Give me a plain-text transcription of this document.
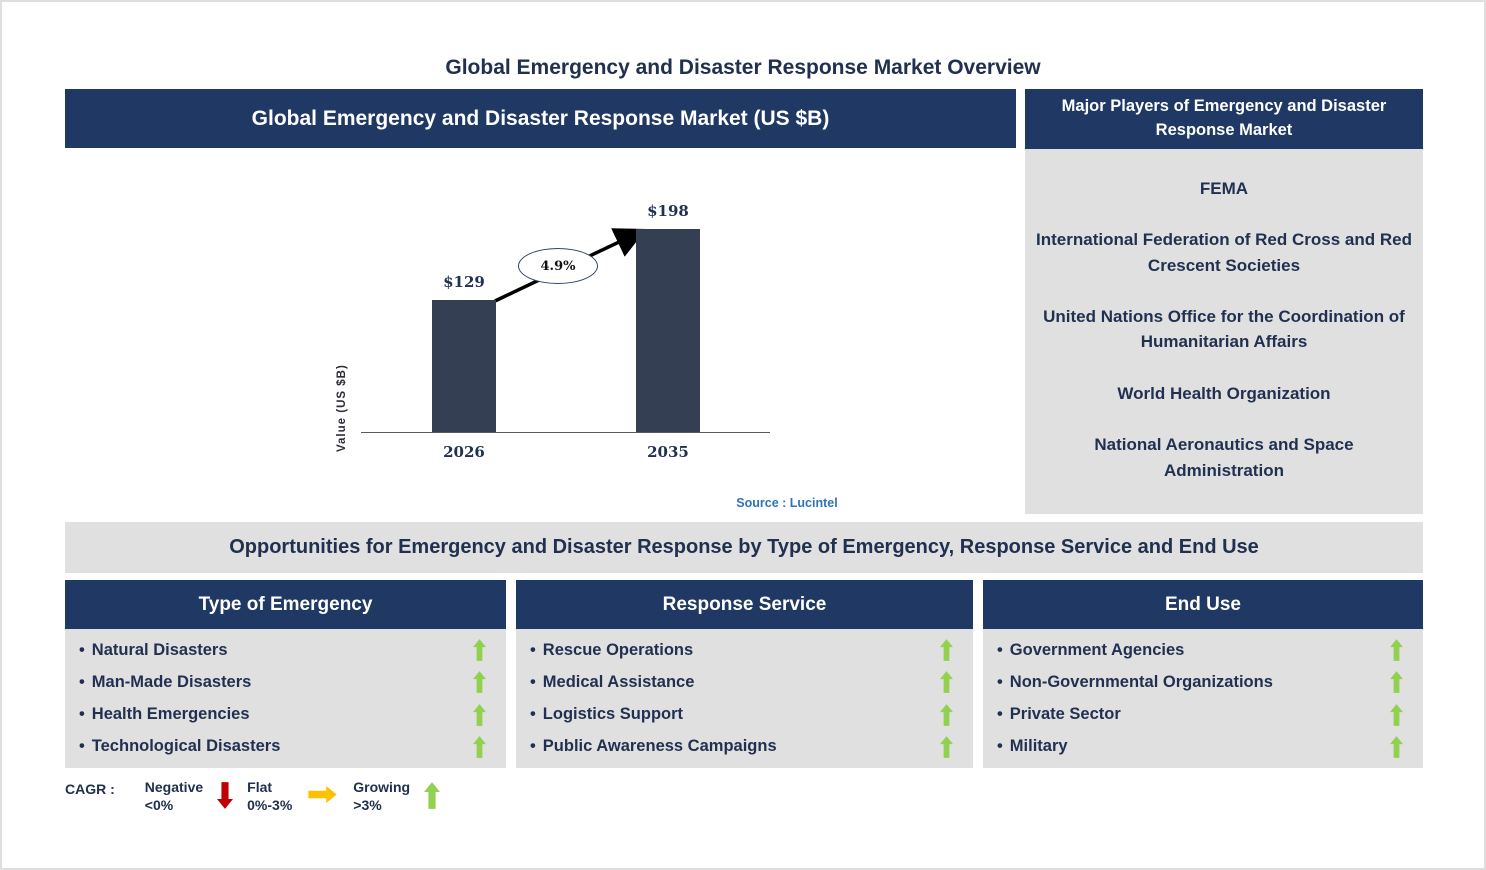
Global Emergency and Disaster Response Market Overview
Global Emergency and Disaster Response Market (US $B)
Value (US $B)
$129
$198
4.9%
2026	2035
Source : Lucintel
Major Players of Emergency and Disaster Response Market
FEMA
International Federation of Red Cross and Red Crescent Societies
United Nations Office for the Coordination of Humanitarian Affairs
World Health Organization
National Aeronautics and Space Administration
Opportunities for Emergency and Disaster Response by Type of Emergency, Response Service and End Use
Type of Emergency
• Natural Disasters
• Man-Made Disasters
• Health Emergencies
• Technological Disasters
Response Service
• Rescue Operations
• Medical Assistance
• Logistics Support
• Public Awareness Campaigns
End Use
• Government Agencies
• Non-Governmental Organizations
• Private Sector
• Military
CAGR : Negative
<0%
Flat
0%-3%
Growing
>3%
